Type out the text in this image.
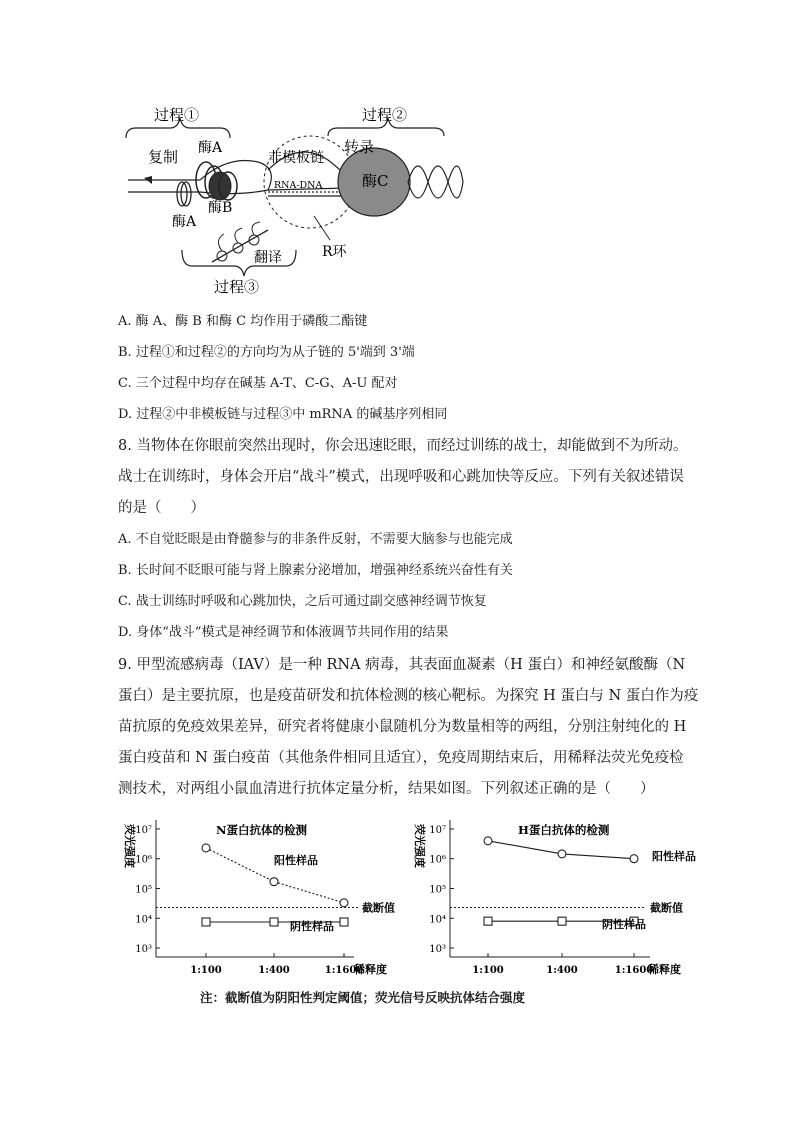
过程①	过程②
复制 酶A
非模板链
转录
RNA-DNA	酶C
酶B
酶A
R环
翻译
过程③
A. 酶 A、酶 B 和酶 C 均作用于磷酸二酯键
B. 过程①和过程②的方向均为从子链的 5'端到 3'端
C. 三个过程中均存在碱基 A-T、C-G、A-U 配对
D. 过程②中非模板链与过程③中 mRNA 的碱基序列相同
8. 当物体在你眼前突然出现时，你会迅速眨眼，而经过训练的战士，却能做到不为所动。
战士在训练时，身体会开启“战斗”模式，出现呼吸和心跳加快等反应。下列有关叙述错误
的是（　　）
A. 不自觉眨眼是由脊髓参与的非条件反射，不需要大脑参与也能完成
B. 长时间不眨眼可能与肾上腺素分泌增加，增强神经系统兴奋性有关
C. 战士训练时呼吸和心跳加快，之后可通过副交感神经调节恢复
D. 身体“战斗”模式是神经调节和体液调节共同作用的结果
9. 甲型流感病毒（IAV）是一种 RNA 病毒，其表面血凝素（H 蛋白）和神经氨酸酶（N
蛋白）是主要抗原，也是疫苗研发和抗体检测的核心靶标。为探究 H 蛋白与 N 蛋白作为疫
苗抗原的免疫效果差异，研究者将健康小鼠随机分为数量相等的两组，分别注射纯化的 H
蛋白疫苗和 N 蛋白疫苗（其他条件相同且适宜），免疫周期结束后，用稀释法荧光免疫检
测技术，对两组小鼠血清进行抗体定量分析，结果如图。下列叙述正确的是（　　）
10⁷
10⁶
10⁵
10⁴
10³
荧光强度
1:100	1:400	1:1600
稀释度
截断值
N蛋白抗体的检测
阳性样品
阴性样品
10⁷
10⁶
10⁵
10⁴
10³
荧光强度
1:100	1:400	1:1600
稀释度
截断值
H蛋白抗体的检测
阳性样品
阴性样品
注：截断值为阴阳性判定阈值；荧光信号反映抗体结合强度
